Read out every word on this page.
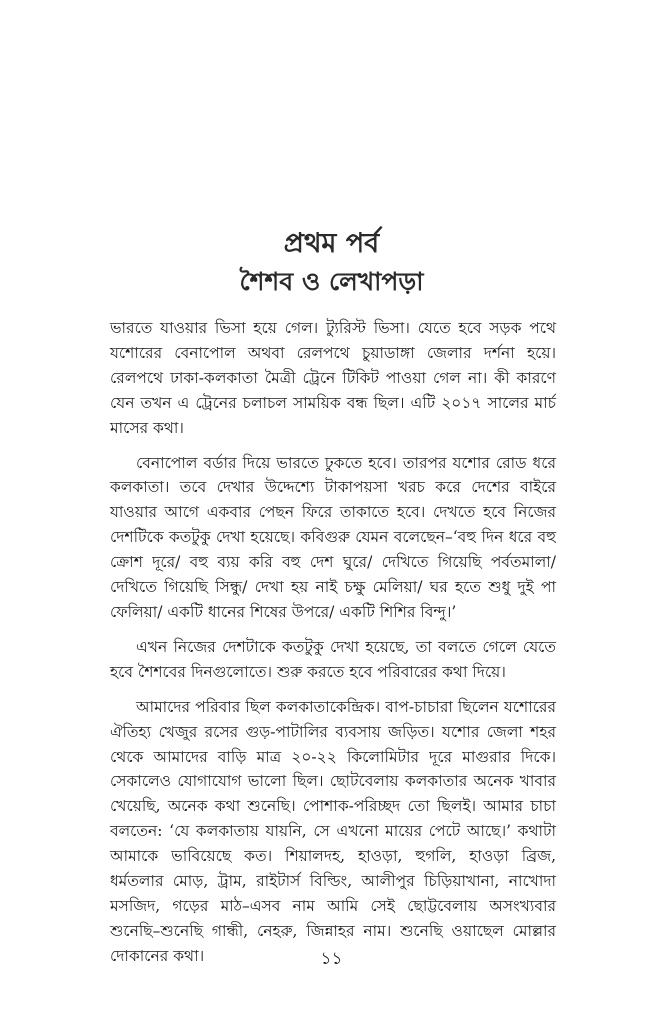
প্রথম পর্ব
শৈশব ও লেখাপড়া

ভারতে যাওয়ার ভিসা হয়ে গেল। ট্যুরিস্ট ভিসা। যেতে হবে সড়ক পথে যশোরের বেনাপোল অথবা রেলপথে চুয়াডাঙ্গা জেলার দর্শনা হয়ে। রেলপথে ঢাকা-কলকাতা মৈত্রী ট্রেনে টিকিট পাওয়া গেল না। কী কারণে যেন তখন এ ট্রেনের চলাচল সাময়িক বন্ধ ছিল। এটি ২০১৭ সালের মার্চ মাসের কথা।

বেনাপোল বর্ডার দিয়ে ভারতে ঢুকতে হবে। তারপর যশোর রোড ধরে কলকাতা। তবে দেখার উদ্দেশ্যে টাকাপয়সা খরচ করে দেশের বাইরে যাওয়ার আগে একবার পেছন ফিরে তাকাতে হবে। দেখতে হবে নিজের দেশটিকে কতটুকু দেখা হয়েছে। কবিগুরু যেমন বলেছেন–‘বহু দিন ধরে বহু ক্রোশ দূরে/ বহু ব্যয় করি বহু দেশ ঘুরে/ দেখিতে গিয়েছি পর্বতমালা/ দেখিতে গিয়েছি সিন্ধু/ দেখা হয় নাই চক্ষু মেলিয়া/ ঘর হতে শুধু দুই পা ফেলিয়া/ একটি ধানের শিষের উপরে/ একটি শিশির বিন্দু।’

এখন নিজের দেশটাকে কতটুকু দেখা হয়েছে, তা বলতে গেলে যেতে হবে শৈশবের দিনগুলোতে। শুরু করতে হবে পরিবারের কথা দিয়ে।

আমাদের পরিবার ছিল কলকাতাকেন্দ্রিক। বাপ-চাচারা ছিলেন যশোরের ঐতিহ্য খেজুর রসের গুড়-পাটালির ব্যবসায় জড়িত। যশোর জেলা শহর থেকে আমাদের বাড়ি মাত্র ২০-২২ কিলোমিটার দূরে মাগুরার দিকে। সেকালেও যোগাযোগ ভালো ছিল। ছোটবেলায় কলকাতার অনেক খাবার খেয়েছি, অনেক কথা শুনেছি। পোশাক-পরিচ্ছদ তো ছিলই। আমার চাচা বলতেন: ‘যে কলকাতায় যায়নি, সে এখনো মায়ের পেটে আছে।’ কথাটা আমাকে ভাবিয়েছে কত। শিয়ালদহ, হাওড়া, হুগলি, হাওড়া ব্রিজ, ধর্মতলার মোড়, ট্রাম, রাইটার্স বিল্ডিং, আলীপুর চিড়িয়াখানা, নাখোদা মসজিদ, গড়ের মাঠ–এসব নাম আমি সেই ছোট্টবেলায় অসংখ্যবার শুনেছি–শুনেছি গান্ধী, নেহরু, জিন্নাহর নাম। শুনেছি ওয়াছেল মোল্লার দোকানের কথা।	১১
